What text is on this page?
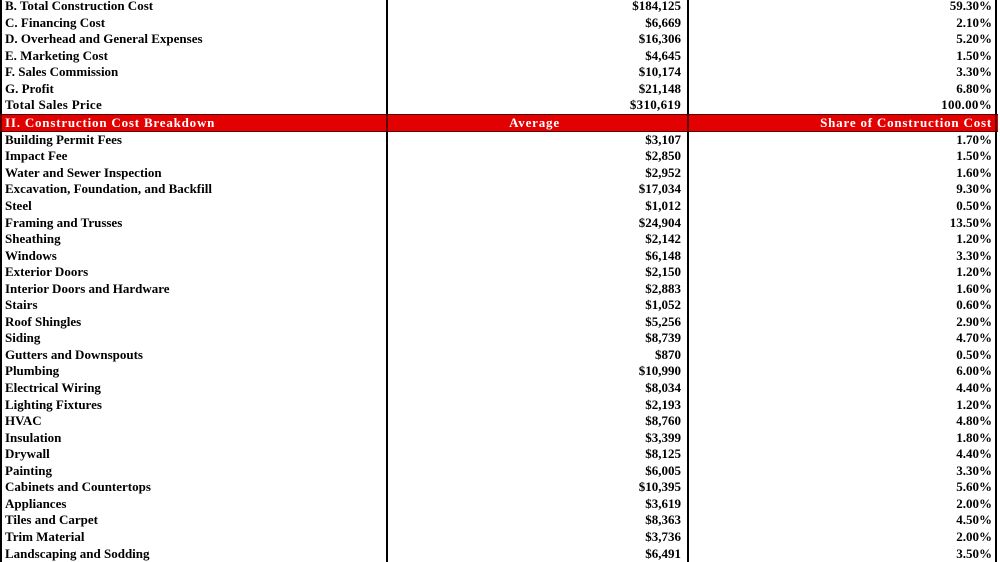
B. Total Construction Cost	$184,125	59.30%
C. Financing Cost	$6,669	2.10%
D. Overhead and General Expenses	$16,306	5.20%
E. Marketing Cost	$4,645	1.50%
F. Sales Commission	$10,174	3.30%
G. Profit	$21,148	6.80%
Total Sales Price	$310,619	100.00%
II. Construction Cost Breakdown	Average	Share of Construction Cost
Building Permit Fees	$3,107	1.70%
Impact Fee	$2,850	1.50%
Water and Sewer Inspection	$2,952	1.60%
Excavation, Foundation, and Backfill	$17,034	9.30%
Steel	$1,012	0.50%
Framing and Trusses	$24,904	13.50%
Sheathing	$2,142	1.20%
Windows	$6,148	3.30%
Exterior Doors	$2,150	1.20%
Interior Doors and Hardware	$2,883	1.60%
Stairs	$1,052	0.60%
Roof Shingles	$5,256	2.90%
Siding	$8,739	4.70%
Gutters and Downspouts	$870	0.50%
Plumbing	$10,990	6.00%
Electrical Wiring	$8,034	4.40%
Lighting Fixtures	$2,193	1.20%
HVAC	$8,760	4.80%
Insulation	$3,399	1.80%
Drywall	$8,125	4.40%
Painting	$6,005	3.30%
Cabinets and Countertops	$10,395	5.60%
Appliances	$3,619	2.00%
Tiles and Carpet	$8,363	4.50%
Trim Material	$3,736	2.00%
Landscaping and Sodding	$6,491	3.50%
